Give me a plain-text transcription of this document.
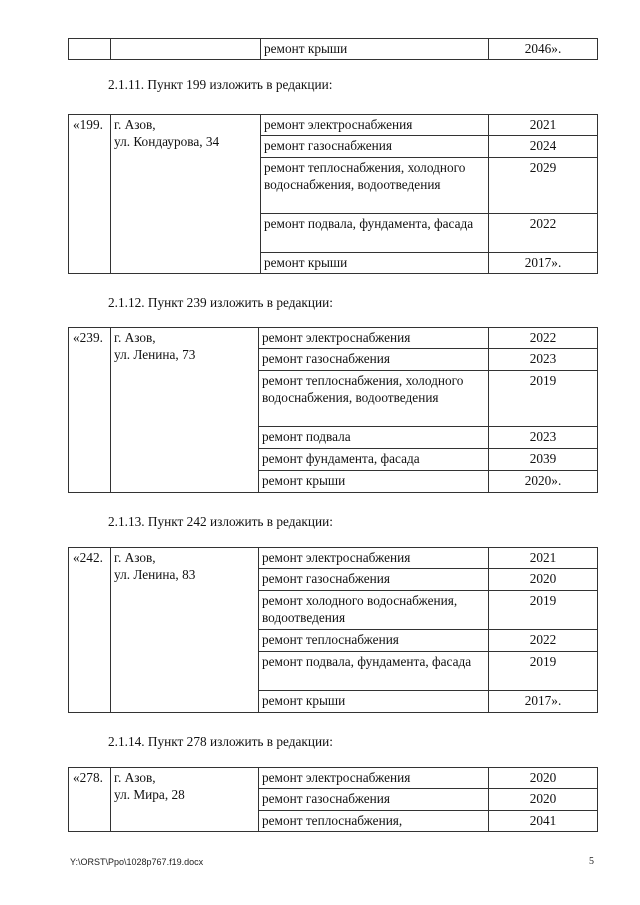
		ремонт крыши	2046».
2.1.11. Пункт 199 изложить в редакции:
«199.	г. Азов,
ул. Кондаурова, 34	ремонт электроснабжения	2021
		ремонт газоснабжения	2024
		ремонт теплоснабжения, холодного водоснабжения, водоотведения	2029
		ремонт подвала, фундамента, фасада	2022
		ремонт крыши	2017».
2.1.12. Пункт 239 изложить в редакции:
«239.	г. Азов,
ул. Ленина, 73	ремонт электроснабжения	2022
		ремонт газоснабжения	2023
		ремонт теплоснабжения, холодного водоснабжения, водоотведения	2019
		ремонт подвала	2023
		ремонт фундамента, фасада	2039
		ремонт крыши	2020».
2.1.13. Пункт 242 изложить в редакции:
«242.	г. Азов,
ул. Ленина, 83	ремонт электроснабжения	2021
		ремонт газоснабжения	2020
		ремонт холодного водоснабжения, водоотведения	2019
		ремонт теплоснабжения	2022
		ремонт подвала, фундамента, фасада	2019
		ремонт крыши	2017».
2.1.14. Пункт 278 изложить в редакции:
«278.	г. Азов,
ул. Мира, 28	ремонт электроснабжения	2020
		ремонт газоснабжения	2020
		ремонт теплоснабжения,	2041
Y:\ORST\Ppo\1028p767.f19.docx	5
